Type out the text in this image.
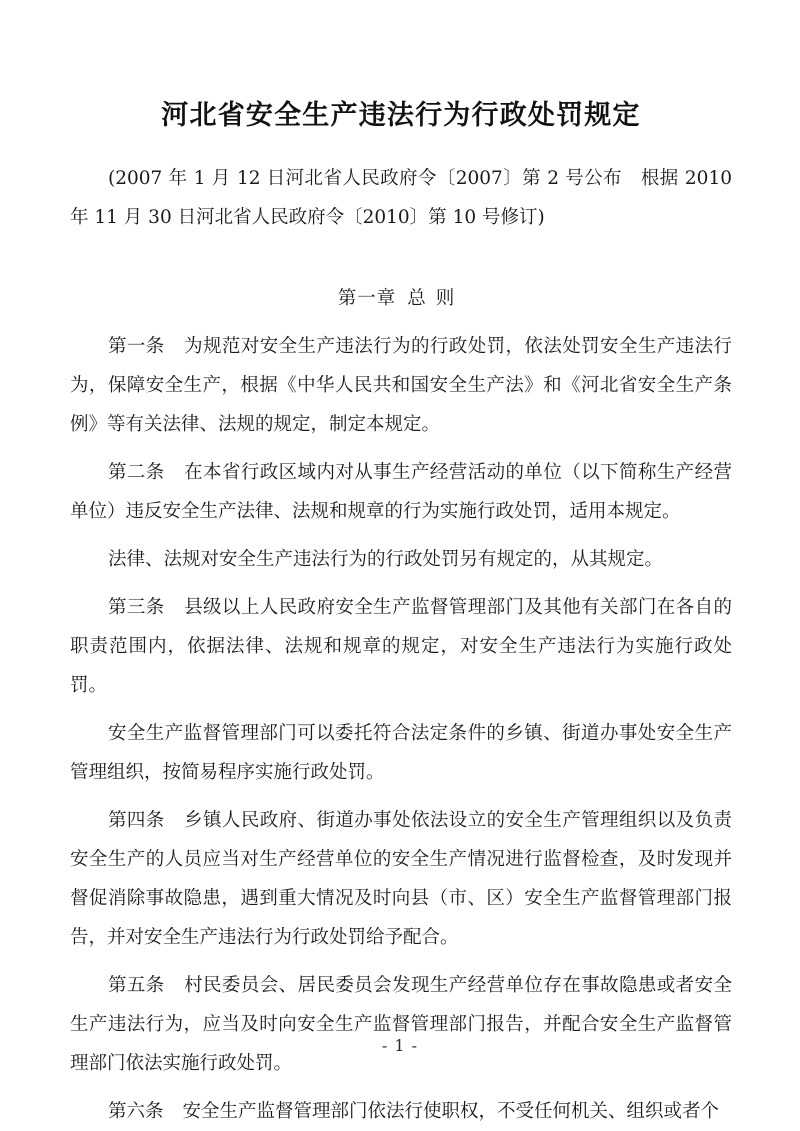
河北省安全生产违法行为行政处罚规定

(2007 年 1 月 12 日河北省人民政府令〔2007〕第 2 号公布　根据 2010 年 11 月 30 日河北省人民政府令〔2010〕第 10 号修订)

第一章 总则

第一条 为规范对安全生产违法行为的行政处罚，依法处罚安全生产违法行为，保障安全生产，根据《中华人民共和国安全生产法》和《河北省安全生产条例》等有关法律、法规的规定，制定本规定。

第二条 在本省行政区域内对从事生产经营活动的单位（以下简称生产经营单位）违反安全生产法律、法规和规章的行为实施行政处罚，适用本规定。

法律、法规对安全生产违法行为的行政处罚另有规定的，从其规定。

第三条 县级以上人民政府安全生产监督管理部门及其他有关部门在各自的职责范围内，依据法律、法规和规章的规定，对安全生产违法行为实施行政处罚。

安全生产监督管理部门可以委托符合法定条件的乡镇、街道办事处安全生产管理组织，按简易程序实施行政处罚。

第四条 乡镇人民政府、街道办事处依法设立的安全生产管理组织以及负责安全生产的人员应当对生产经营单位的安全生产情况进行监督检查，及时发现并督促消除事故隐患，遇到重大情况及时向县（市、区）安全生产监督管理部门报告，并对安全生产违法行为行政处罚给予配合。

第五条 村民委员会、居民委员会发现生产经营单位存在事故隐患或者安全生产违法行为，应当及时向安全生产监督管理部门报告，并配合安全生产监督管理部门依法实施行政处罚。

第六条 安全生产监督管理部门依法行使职权，不受任何机关、组织或者个

- 1 -
